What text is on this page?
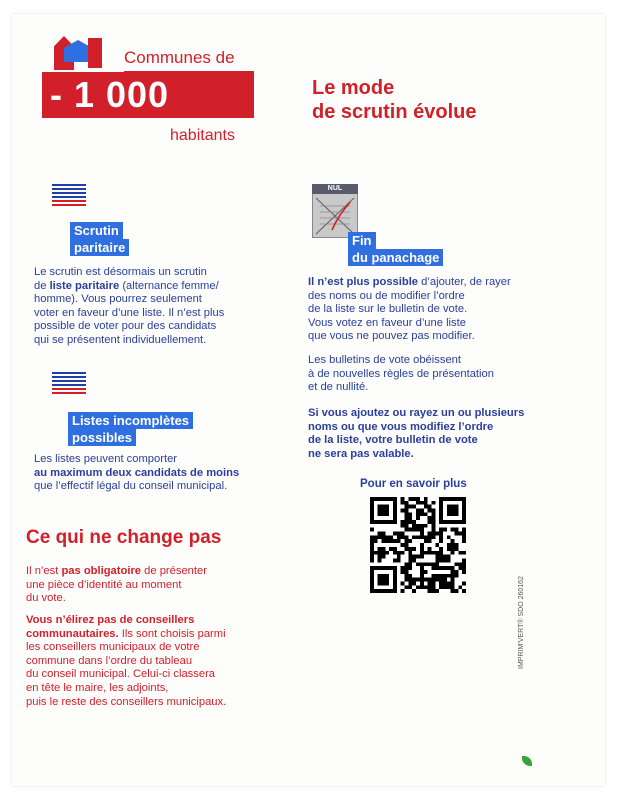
Communes de
- 1 000
habitants
Le mode
de scrutin évolue
Scrutin
paritaire
Le scrutin est désormais un scrutin
de liste paritaire (alternance femme/
homme). Vous pourrez seulement
voter en faveur d’une liste. Il n’est plus
possible de voter pour des candidats
qui se présentent individuellement.
Listes incomplètes
possibles
Les listes peuvent comporter
au maximum deux candidats de moins
que l’effectif légal du conseil municipal.
Ce qui ne change pas
Il n’est pas obligatoire de présenter
une pièce d’identité au moment
du vote.
Vous n’élirez pas de conseillers
communautaires. Ils sont choisis parmi
les conseillers municipaux de votre
commune dans l’ordre du tableau
du conseil municipal. Celui-ci classera
en tête le maire, les adjoints,
puis le reste des conseillers municipaux.
NUL
Fin
du panachage
Il n’est plus possible d’ajouter, de rayer
des noms ou de modifier l’ordre
de la liste sur le bulletin de vote.
Vous votez en faveur d’une liste
que vous ne pouvez pas modifier.
Les bulletins de vote obéissent
à de nouvelles règles de présentation
et de nullité.
Si vous ajoutez ou rayez un ou plusieurs
noms ou que vous modifiez l’ordre
de la liste, votre bulletin de vote
ne sera pas valable.
Pour en savoir plus
IMPRIM’VERT® SDO 260162
